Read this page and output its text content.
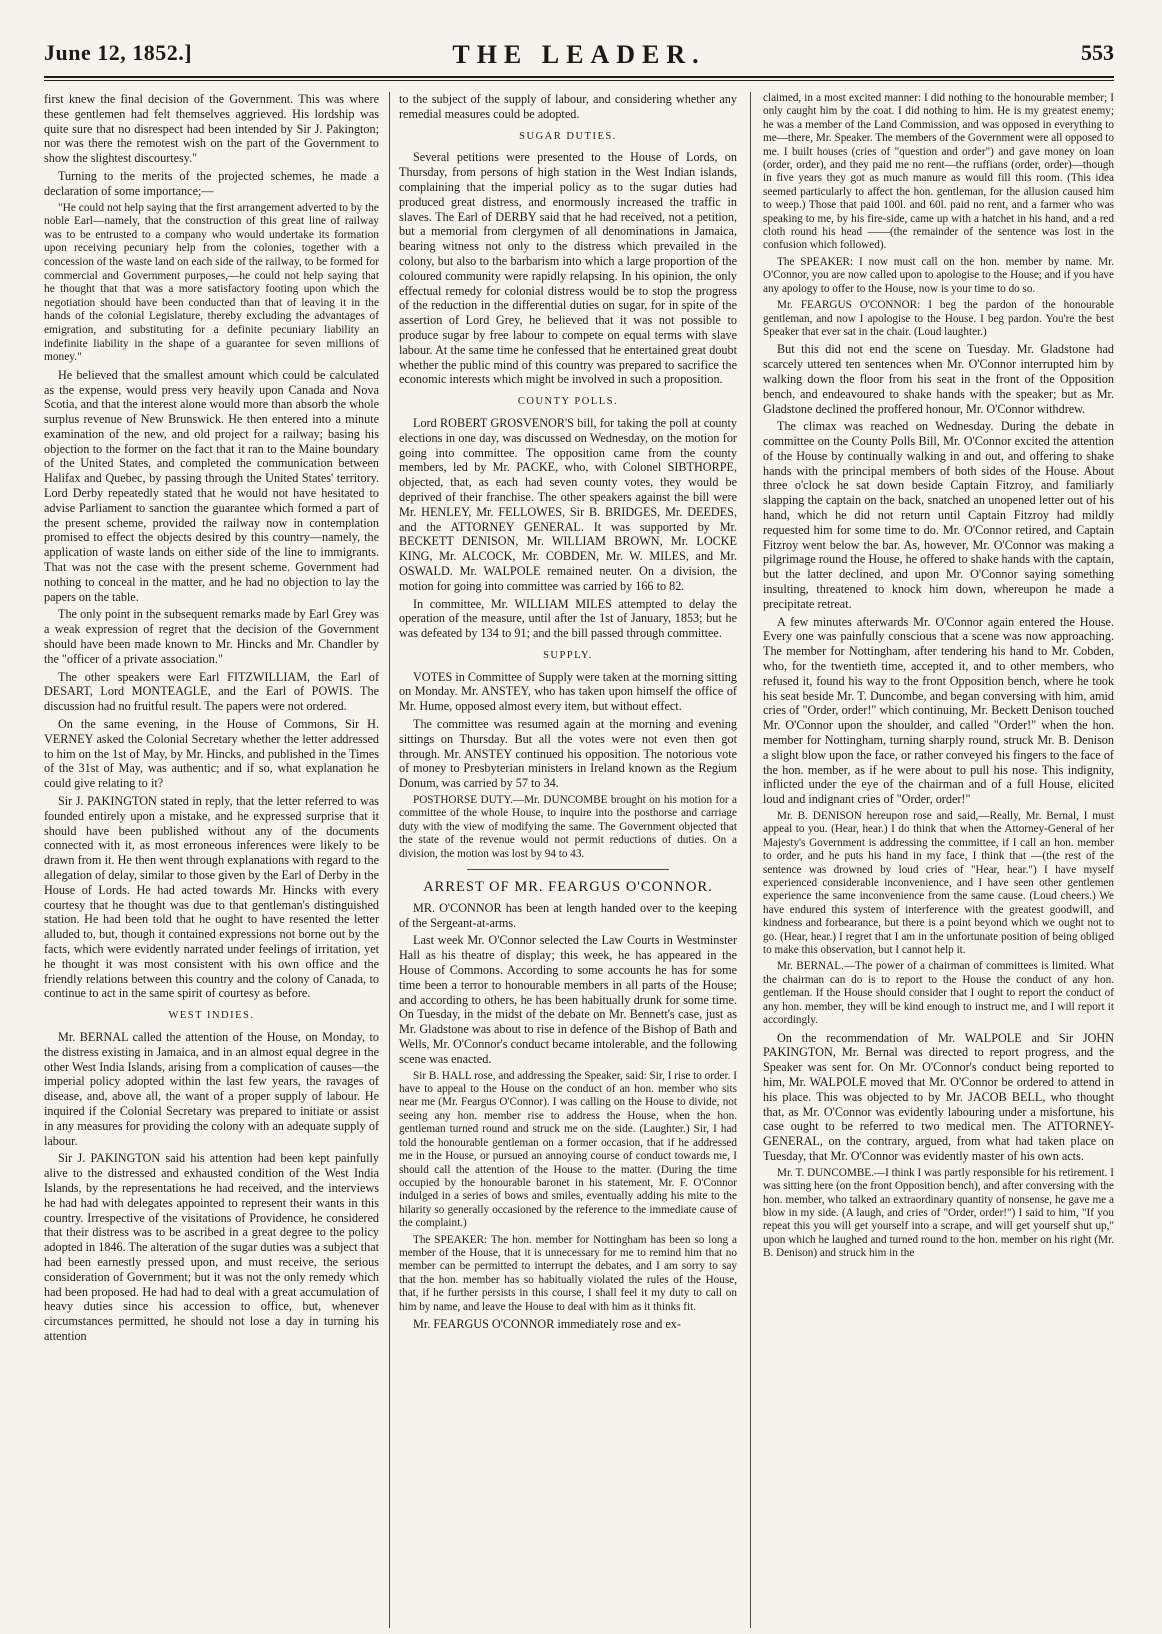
June 12, 1852.]	THE LEADER.	553

first knew the final decision of the Government. This was where these gentlemen had felt themselves aggrieved. His lordship was quite sure that no disrespect had been intended by Sir J. Pakington; nor was there the remotest wish on the part of the Government to show the slightest discourtesy."

Turning to the merits of the projected schemes, he made a declaration of some importance;—

"He could not help saying that the first arrangement adverted to by the noble Earl—namely, that the construction of this great line of railway was to be entrusted to a company who would undertake its formation upon receiving pecuniary help from the colonies, together with a concession of the waste land on each side of the railway, to be formed for commercial and Government purposes,—he could not help saying that he thought that that was a more satisfactory footing upon which the negotiation should have been conducted than that of leaving it in the hands of the colonial Legislature, thereby excluding the advantages of emigration, and substituting for a definite pecuniary liability an indefinite liability in the shape of a guarantee for seven millions of money."

He believed that the smallest amount which could be calculated as the expense, would press very heavily upon Canada and Nova Scotia, and that the interest alone would more than absorb the whole surplus revenue of New Brunswick. He then entered into a minute examination of the new, and old project for a railway; basing his objection to the former on the fact that it ran to the Maine boundary of the United States, and completed the communication between Halifax and Quebec, by passing through the United States' territory. Lord Derby repeatedly stated that he would not have hesitated to advise Parliament to sanction the guarantee which formed a part of the present scheme, provided the railway now in contemplation promised to effect the objects desired by this country—namely, the application of waste lands on either side of the line to immigrants. That was not the case with the present scheme. Government had nothing to conceal in the matter, and he had no objection to lay the papers on the table.

The only point in the subsequent remarks made by Earl Grey was a weak expression of regret that the decision of the Government should have been made known to Mr. Hincks and Mr. Chandler by the "officer of a private association."

The other speakers were Earl FITZWILLIAM, the Earl of DESART, Lord MONTEAGLE, and the Earl of POWIS. The discussion had no fruitful result. The papers were not ordered.

On the same evening, in the House of Commons, Sir H. VERNEY asked the Colonial Secretary whether the letter addressed to him on the 1st of May, by Mr. Hincks, and published in the Times of the 31st of May, was authentic; and if so, what explanation he could give relating to it?

Sir J. PAKINGTON stated in reply, that the letter referred to was founded entirely upon a mistake, and he expressed surprise that it should have been published without any of the documents connected with it, as most erroneous inferences were likely to be drawn from it. He then went through explanations with regard to the allegation of delay, similar to those given by the Earl of Derby in the House of Lords. He had acted towards Mr. Hincks with every courtesy that he thought was due to that gentleman's distinguished station. He had been told that he ought to have resented the letter alluded to, but, though it contained expressions not borne out by the facts, which were evidently narrated under feelings of irritation, yet he thought it was most consistent with his own office and the friendly relations between this country and the colony of Canada, to continue to act in the same spirit of courtesy as before.

WEST INDIES.

Mr. BERNAL called the attention of the House, on Monday, to the distress existing in Jamaica, and in an almost equal degree in the other West India Islands, arising from a complication of causes—the imperial policy adopted within the last few years, the ravages of disease, and, above all, the want of a proper supply of labour. He inquired if the Colonial Secretary was prepared to initiate or assist in any measures for providing the colony with an adequate supply of labour.

Sir J. PAKINGTON said his attention had been kept painfully alive to the distressed and exhausted condition of the West India Islands, by the representations he had received, and the interviews he had had with delegates appointed to represent their wants in this country. Irrespective of the visitations of Providence, he considered that their distress was to be ascribed in a great degree to the policy adopted in 1846. The alteration of the sugar duties was a subject that had been earnestly pressed upon, and must receive, the serious consideration of Government; but it was not the only remedy which had been proposed. He had had to deal with a great accumulation of heavy duties since his accession to office, but, whenever circumstances permitted, he should not lose a day in turning his attention

to the subject of the supply of labour, and considering whether any remedial measures could be adopted.

SUGAR DUTIES.

Several petitions were presented to the House of Lords, on Thursday, from persons of high station in the West Indian islands, complaining that the imperial policy as to the sugar duties had produced great distress, and enormously increased the traffic in slaves. The Earl of DERBY said that he had received, not a petition, but a memorial from clergymen of all denominations in Jamaica, bearing witness not only to the distress which prevailed in the colony, but also to the barbarism into which a large proportion of the coloured community were rapidly relapsing. In his opinion, the only effectual remedy for colonial distress would be to stop the progress of the reduction in the differential duties on sugar, for in spite of the assertion of Lord Grey, he believed that it was not possible to produce sugar by free labour to compete on equal terms with slave labour. At the same time he confessed that he entertained great doubt whether the public mind of this country was prepared to sacrifice the economic interests which might be involved in such a proposition.

COUNTY POLLS.

Lord ROBERT GROSVENOR'S bill, for taking the poll at county elections in one day, was discussed on Wednesday, on the motion for going into committee. The opposition came from the county members, led by Mr. PACKE, who, with Colonel SIBTHORPE, objected, that, as each had seven county votes, they would be deprived of their franchise. The other speakers against the bill were Mr. HENLEY, Mr. FELLOWES, Sir B. BRIDGES, Mr. DEEDES, and the ATTORNEY GENERAL. It was supported by Mr. BECKETT DENISON, Mr. WILLIAM BROWN, Mr. LOCKE KING, Mr. ALCOCK, Mr. COBDEN, Mr. W. MILES, and Mr. OSWALD. Mr. WALPOLE remained neuter. On a division, the motion for going into committee was carried by 166 to 82.

In committee, Mr. WILLIAM MILES attempted to delay the operation of the measure, until after the 1st of January, 1853; but he was defeated by 134 to 91; and the bill passed through committee.

SUPPLY.

VOTES in Committee of Supply were taken at the morning sitting on Monday. Mr. ANSTEY, who has taken upon himself the office of Mr. Hume, opposed almost every item, but without effect.

The committee was resumed again at the morning and evening sittings on Thursday. But all the votes were not even then got through. Mr. ANSTEY continued his opposition. The notorious vote of money to Presbyterian ministers in Ireland known as the Regium Donum, was carried by 57 to 34.

POSTHORSE DUTY.—Mr. DUNCOMBE brought on his motion for a committee of the whole House, to inquire into the posthorse and carriage duty with the view of modifying the same. The Government objected that the state of the revenue would not permit reductions of duties. On a division, the motion was lost by 94 to 43.

ARREST OF MR. FEARGUS O'CONNOR.

MR. O'CONNOR has been at length handed over to the keeping of the Sergeant-at-arms.

Last week Mr. O'Connor selected the Law Courts in Westminster Hall as his theatre of display; this week, he has appeared in the House of Commons. According to some accounts he has for some time been a terror to honourable members in all parts of the House; and according to others, he has been habitually drunk for some time. On Tuesday, in the midst of the debate on Mr. Bennett's case, just as Mr. Gladstone was about to rise in defence of the Bishop of Bath and Wells, Mr. O'Connor's conduct became intolerable, and the following scene was enacted.

Sir B. HALL rose, and addressing the Speaker, said: Sir, I rise to order. I have to appeal to the House on the conduct of an hon. member who sits near me (Mr. Feargus O'Connor). I was calling on the House to divide, not seeing any hon. member rise to address the House, when the hon. gentleman turned round and struck me on the side. (Laughter.) Sir, I had told the honourable gentleman on a former occasion, that if he addressed me in the House, or pursued an annoying course of conduct towards me, I should call the attention of the House to the matter. (During the time occupied by the honourable baronet in his statement, Mr. F. O'Connor indulged in a series of bows and smiles, eventually adding his mite to the hilarity so generally occasioned by the reference to the immediate cause of the complaint.)

The SPEAKER: The hon. member for Nottingham has been so long a member of the House, that it is unnecessary for me to remind him that no member can be permitted to interrupt the debates, and I am sorry to say that the hon. member has so habitually violated the rules of the House, that, if he further persists in this course, I shall feel it my duty to call on him by name, and leave the House to deal with him as it thinks fit.

Mr. FEARGUS O'CONNOR immediately rose and ex-

claimed, in a most excited manner: I did nothing to the honourable member; I only caught him by the coat. I did nothing to him. He is my greatest enemy; he was a member of the Land Commission, and was opposed in everything to me—there, Mr. Speaker. The members of the Government were all opposed to me. I built houses (cries of "question and order") and gave money on loan (order, order), and they paid me no rent—the ruffians (order, order)—though in five years they got as much manure as would fill this room. (This idea seemed particularly to affect the hon. gentleman, for the allusion caused him to weep.) Those that paid 100l. and 60l. paid no rent, and a farmer who was speaking to me, by his fire-side, came up with a hatchet in his hand, and a red cloth round his head ——(the remainder of the sentence was lost in the confusion which followed).

The SPEAKER: I now must call on the hon. member by name. Mr. O'Connor, you are now called upon to apologise to the House; and if you have any apology to offer to the House, now is your time to do so.

Mr. FEARGUS O'CONNOR: I beg the pardon of the honourable gentleman, and now I apologise to the House. I beg pardon. You're the best Speaker that ever sat in the chair. (Loud laughter.)

But this did not end the scene on Tuesday. Mr. Gladstone had scarcely uttered ten sentences when Mr. O'Connor interrupted him by walking down the floor from his seat in the front of the Opposition bench, and endeavoured to shake hands with the speaker; but as Mr. Gladstone declined the proffered honour, Mr. O'Connor withdrew.

The climax was reached on Wednesday. During the debate in committee on the County Polls Bill, Mr. O'Connor excited the attention of the House by continually walking in and out, and offering to shake hands with the principal members of both sides of the House. About three o'clock he sat down beside Captain Fitzroy, and familiarly slapping the captain on the back, snatched an unopened letter out of his hand, which he did not return until Captain Fitzroy had mildly requested him for some time to do. Mr. O'Connor retired, and Captain Fitzroy went below the bar. As, however, Mr. O'Connor was making a pilgrimage round the House, he offered to shake hands with the captain, but the latter declined, and upon Mr. O'Connor saying something insulting, threatened to knock him down, whereupon he made a precipitate retreat.

A few minutes afterwards Mr. O'Connor again entered the House. Every one was painfully conscious that a scene was now approaching. The member for Nottingham, after tendering his hand to Mr. Cobden, who, for the twentieth time, accepted it, and to other members, who refused it, found his way to the front Opposition bench, where he took his seat beside Mr. T. Duncombe, and began conversing with him, amid cries of "Order, order!" which continuing, Mr. Beckett Denison touched Mr. O'Connor upon the shoulder, and called "Order!" when the hon. member for Nottingham, turning sharply round, struck Mr. B. Denison a slight blow upon the face, or rather conveyed his fingers to the face of the hon. member, as if he were about to pull his nose. This indignity, inflicted under the eye of the chairman and of a full House, elicited loud and indignant cries of "Order, order!"

Mr. B. DENISON hereupon rose and said,—Really, Mr. Bernal, I must appeal to you. (Hear, hear.) I do think that when the Attorney-General of her Majesty's Government is addressing the committee, if I call an hon. member to order, and he puts his hand in my face, I think that —(the rest of the sentence was drowned by loud cries of "Hear, hear.") I have myself experienced considerable inconvenience, and I have seen other gentlemen experience the same inconvenience from the same cause. (Loud cheers.) We have endured this system of interference with the greatest goodwill, and kindness and forbearance, but there is a point beyond which we ought not to go. (Hear, hear.) I regret that I am in the unfortunate position of being obliged to make this observation, but I cannot help it.

Mr. BERNAL.—The power of a chairman of committees is limited. What the chairman can do is to report to the House the conduct of any hon. gentleman. If the House should consider that I ought to report the conduct of any hon. member, they will be kind enough to instruct me, and I will report it accordingly.

On the recommendation of Mr. WALPOLE and Sir JOHN PAKINGTON, Mr. Bernal was directed to report progress, and the Speaker was sent for. On Mr. O'Connor's conduct being reported to him, Mr. WALPOLE moved that Mr. O'Connor be ordered to attend in his place. This was objected to by Mr. JACOB BELL, who thought that, as Mr. O'Connor was evidently labouring under a misfortune, his case ought to be referred to two medical men. The ATTORNEY-GENERAL, on the contrary, argued, from what had taken place on Tuesday, that Mr. O'Connor was evidently master of his own acts.

Mr. T. DUNCOMBE.—I think I was partly responsible for his retirement. I was sitting here (on the front Opposition bench), and after conversing with the hon. member, who talked an extraordinary quantity of nonsense, he gave me a blow in my side. (A laugh, and cries of "Order, order!") I said to him, "If you repeat this you will get yourself into a scrape, and will get yourself shut up," upon which he laughed and turned round to the hon. member on his right (Mr. B. Denison) and struck him in the
